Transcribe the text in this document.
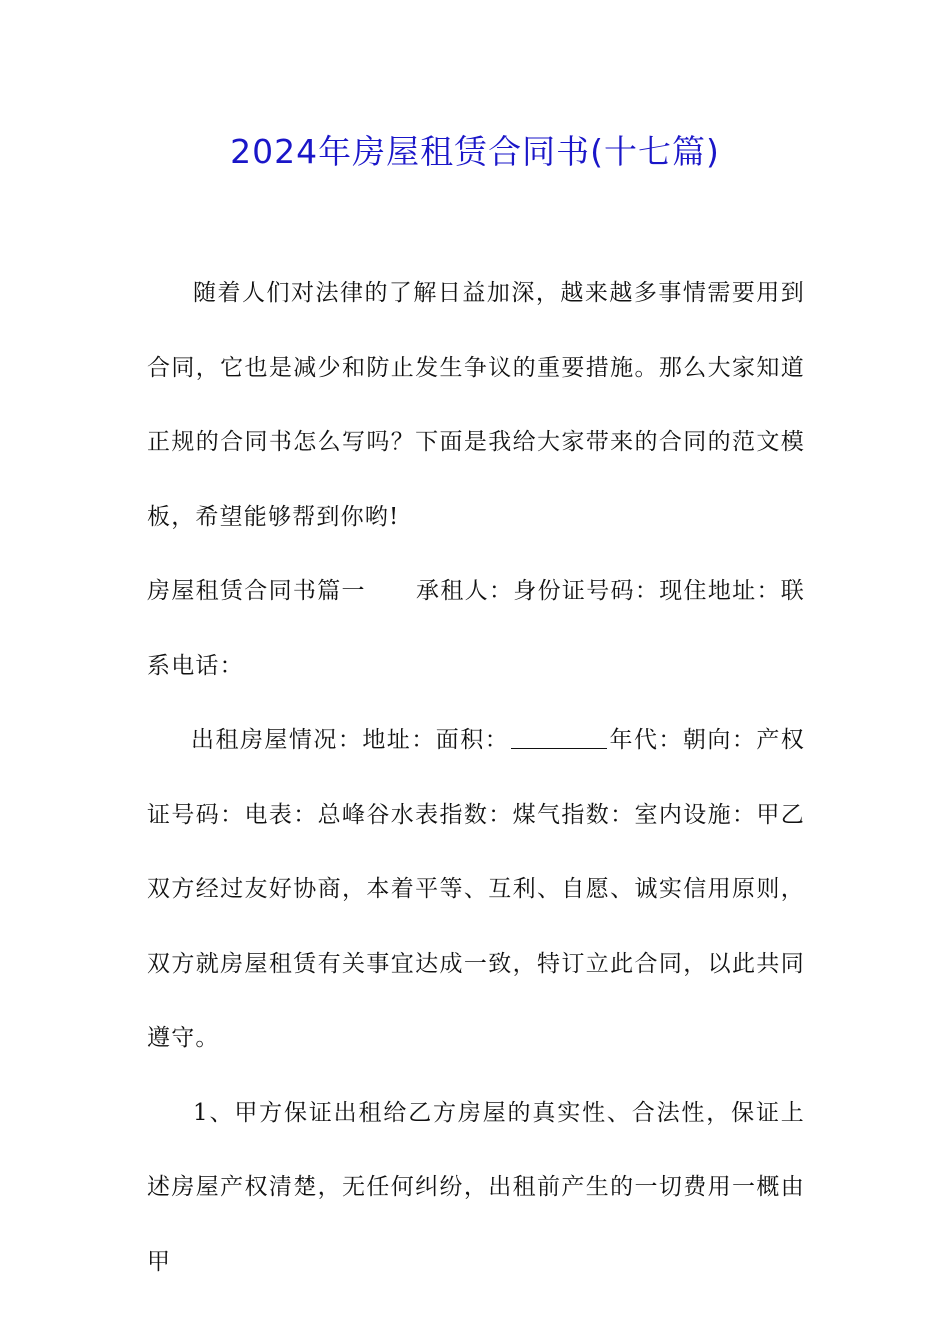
2024年房屋租赁合同书(十七篇)

随着人们对法律的了解日益加深，越来越多事情需要用到合同，它也是减少和防止发生争议的重要措施。那么大家知道正规的合同书怎么写吗？下面是我给大家带来的合同的范文模板，希望能够帮到你哟!

房屋租赁合同书篇一 承租人：身份证号码：现住地址：联系电话：

出租房屋情况：地址：面积：	年代：朝向：产权证号码：电表：总峰谷水表指数：煤气指数：室内设施：甲乙双方经过友好协商，本着平等、互利、自愿、诚实信用原则，双方就房屋租赁有关事宜达成一致，特订立此合同，以此共同遵守。

1、甲方保证出租给乙方房屋的真实性、合法性，保证上述房屋产权清楚，无任何纠纷，出租前产生的一切费用一概由甲
